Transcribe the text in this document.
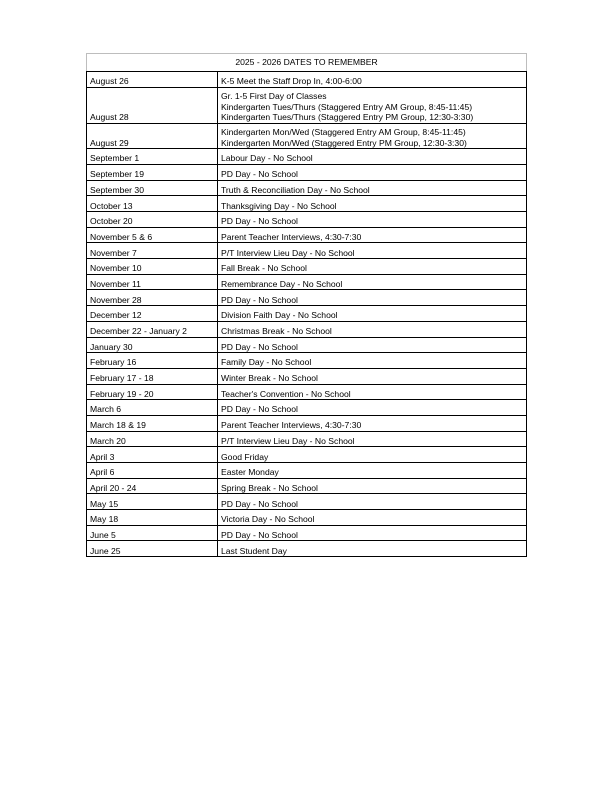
2025 - 2026 DATES TO REMEMBER	
August 26	K-5 Meet the Staff Drop In, 4:00-6:00

August 28	Gr. 1-5 First Day of Classes
Kindergarten Tues/Thurs (Staggered Entry AM Group, 8:45-11:45)
Kindergarten Tues/Thurs (Staggered Entry PM Group, 12:30-3:30)

August 29	Kindergarten Mon/Wed (Staggered Entry AM Group, 8:45-11:45)
Kindergarten Mon/Wed (Staggered Entry PM Group, 12:30-3:30)

September 1	Labour Day - No School

September 19	PD Day - No School

September 30	Truth & Reconciliation Day - No School

October 13	Thanksgiving Day - No School

October 20	PD Day - No School

November 5 & 6	Parent Teacher Interviews, 4:30-7:30

November 7	P/T Interview Lieu Day - No School

November 10	Fall Break - No School

November 11	Remembrance Day - No School

November 28	PD Day - No School

December 12	Division Faith Day - No School

December 22 - January 2	Christmas Break - No School

January 30	PD Day - No School

February 16	Family Day - No School

February 17 - 18	Winter Break - No School

February 19 - 20	Teacher's Convention - No School

March 6	PD Day - No School

March 18 & 19	Parent Teacher Interviews, 4:30-7:30

March 20	P/T Interview Lieu Day - No School

April 3	Good Friday

April 6	Easter Monday

April 20 - 24	Spring Break - No School

May 15	PD Day - No School

May 18	Victoria Day - No School

June 5	PD Day - No School

June 25	Last Student Day
